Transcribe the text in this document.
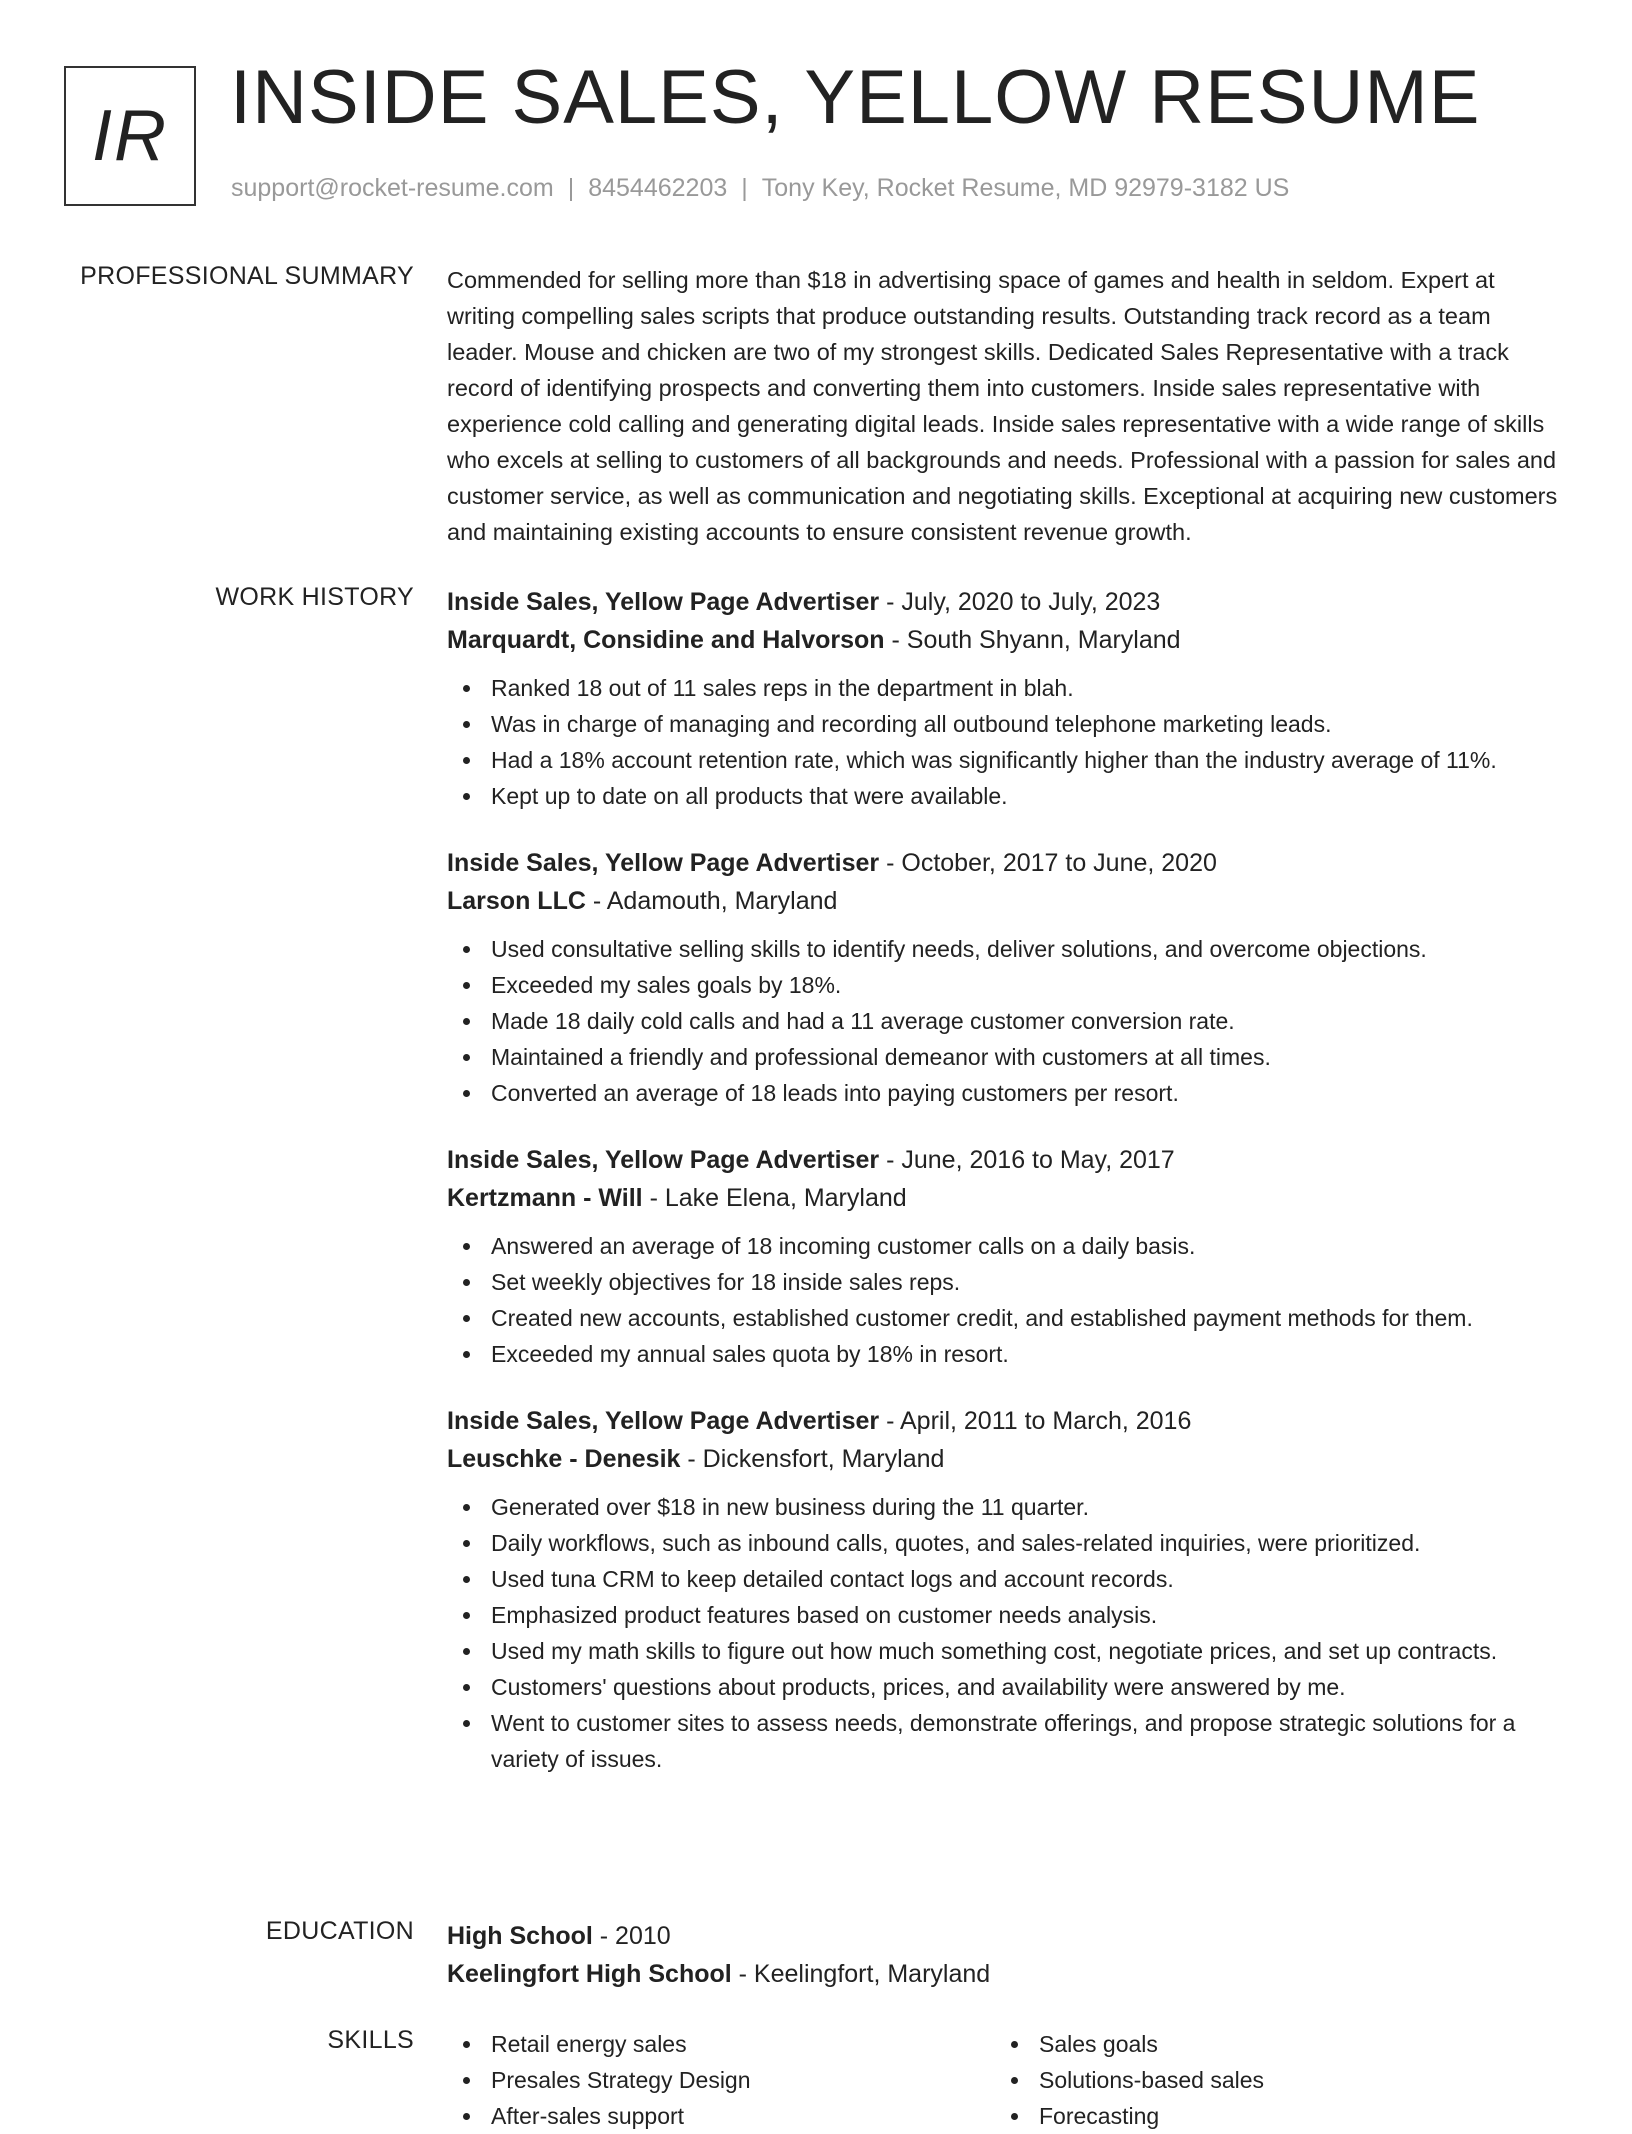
IR INSIDE SALES, YELLOW RESUME
support@rocket-resume.com | 8454462203 | Tony Key, Rocket Resume, MD 92979-3182 US
PROFESSIONAL SUMMARY Commended for selling more than $18 in advertising space of games and health in seldom. Expert at writing compelling sales scripts that produce outstanding results. Outstanding track record as a team leader. Mouse and chicken are two of my strongest skills. Dedicated Sales Representative with a track record of identifying prospects and converting them into customers. Inside sales representative with experience cold calling and generating digital leads. Inside sales representative with a wide range of skills who excels at selling to customers of all backgrounds and needs. Professional with a passion for sales and customer service, as well as communication and negotiating skills. Exceptional at acquiring new customers and maintaining existing accounts to ensure consistent revenue growth.

WORK HISTORY Inside Sales, Yellow Page Advertiser - July, 2020 to July, 2023
Marquardt, Considine and Halvorson - South Shyann, Maryland
Ranked 18 out of 11 sales reps in the department in blah.
Was in charge of managing and recording all outbound telephone marketing leads.
Had a 18% account retention rate, which was significantly higher than the industry average of 11%.
Kept up to date on all products that were available.
Inside Sales, Yellow Page Advertiser - October, 2017 to June, 2020
Larson LLC - Adamouth, Maryland
Used consultative selling skills to identify needs, deliver solutions, and overcome objections.
Exceeded my sales goals by 18%.
Made 18 daily cold calls and had a 11 average customer conversion rate.
Maintained a friendly and professional demeanor with customers at all times.
Converted an average of 18 leads into paying customers per resort.
Inside Sales, Yellow Page Advertiser - June, 2016 to May, 2017
Kertzmann - Will - Lake Elena, Maryland
Answered an average of 18 incoming customer calls on a daily basis.
Set weekly objectives for 18 inside sales reps.
Created new accounts, established customer credit, and established payment methods for them.
Exceeded my annual sales quota by 18% in resort.
Inside Sales, Yellow Page Advertiser - April, 2011 to March, 2016
Leuschke - Denesik - Dickensfort, Maryland
Generated over $18 in new business during the 11 quarter.
Daily workflows, such as inbound calls, quotes, and sales-related inquiries, were prioritized.
Used tuna CRM to keep detailed contact logs and account records.
Emphasized product features based on customer needs analysis.
Used my math skills to figure out how much something cost, negotiate prices, and set up contracts.
Customers' questions about products, prices, and availability were answered by me.
Went to customer sites to assess needs, demonstrate offerings, and propose strategic solutions for a variety of issues.
EDUCATION High School - 2010
Keelingfort High School - Keelingfort, Maryland
SKILLS	Retail energy sales
Presales Strategy Design
After-sales support
Sales goals
Solutions-based sales
Forecasting
